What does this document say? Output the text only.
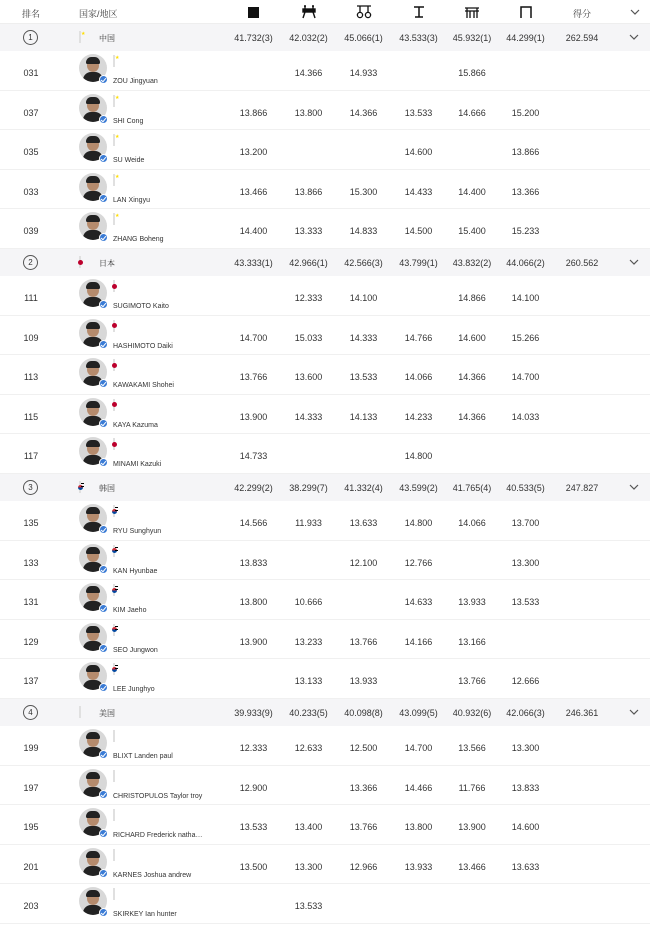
排名	国家/地区	得分
1
★	中国	41.732(3)	42.032(2)	45.066(1)	43.533(3)	45.932(1)	44.299(1)	262.594
031
★
ZOU Jingyuan
14.366	14.933	15.866
037
★
SHI Cong
13.866	13.800	14.366	13.533	14.666	15.200
035
★
SU Weide
13.200	14.600	13.866
033
★
LAN Xingyu
13.466	13.866	15.300	14.433	14.400	13.366
039
★
ZHANG Boheng
14.400	13.333	14.833	14.500	15.400	15.233
2	日本	43.333(1)	42.966(1)	42.566(3)	43.799(1)	43.832(2)	44.066(2)	260.562
111
SUGIMOTO Kaito
12.333	14.100	14.866	14.100
109
HASHIMOTO Daiki
14.700	15.033	14.333	14.766	14.600	15.266
113
KAWAKAMI Shohei
13.766	13.600	13.533	14.066	14.366	14.700
115
KAYA Kazuma
13.900	14.333	14.133	14.233	14.366	14.033
117
MINAMI Kazuki
14.733	14.800
3	韩国	42.299(2)	38.299(7)	41.332(4)	43.599(2)	41.765(4)	40.533(5)	247.827
135
RYU Sunghyun
14.566	11.933	13.633	14.800	14.066	13.700
133
KAN Hyunbae
13.833	12.100	12.766	13.300
131
KIM Jaeho
13.800	10.666	14.633	13.933	13.533
129
SEO Jungwon
13.900	13.233	13.766	14.166	13.166
137
LEE Junghyo
13.133	13.933	13.766	12.666
4	美国	39.933(9)	40.233(5)	40.098(8)	43.099(5)	40.932(6)	42.066(3)	246.361
199
BLIXT Landen paul
12.333	12.633	12.500	14.700	13.566	13.300
197
CHRISTOPULOS Taylor troy
12.900	13.366	14.466	11.766	13.833
195
RICHARD Frederick natha…
13.533	13.400	13.766	13.800	13.900	14.600
201
KARNES Joshua andrew
13.500	13.300	12.966	13.933	13.466	13.633
203
SKIRKEY Ian hunter
13.533
